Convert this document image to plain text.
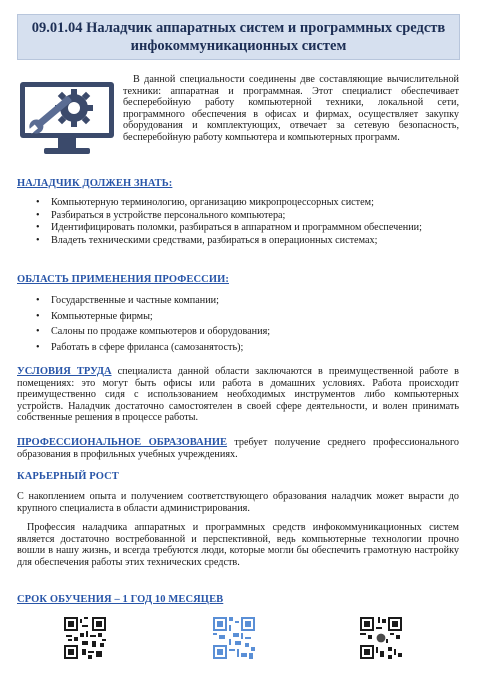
09.01.04 Наладчик аппаратных систем и программных средств инфокоммуникационных систем
В данной специальности соединены две составляющие вычислительной техники: аппаратная и программная. Этот специалист обеспечивает бесперебойную работу компьютерной техники, локальной сети, программного обеспечения в офисах и фирмах, осуществляет закупку оборудования и комплектующих, отвечает за сетевую безопасность, бесперебойную работу компьютера и компьютерных программ.
НАЛАДЧИК ДОЛЖЕН ЗНАТЬ:
• Компьютерную терминологию, организацию микропроцессорных систем;
• Разбираться в устройстве персонального компьютера;
• Идентифицировать поломки, разбираться в аппаратном и программном обеспечении;
• Владеть техническими средствами, разбираться в операционных системах;
ОБЛАСТЬ ПРИМЕНЕНИЯ ПРОФЕССИИ:
• Государственные и частные компании;
• Компьютерные фирмы;
• Салоны по продаже компьютеров и оборудования;
• Работать в сфере фриланса (самозанятость);
УСЛОВИЯ ТРУДА специалиста данной области заключаются в преимущественной работе в помещениях: это могут быть офисы или работа в домашних условиях. Работа происходит преимущественно сидя с использованием необходимых инструментов либо компьютерных устройств. Наладчик достаточно самостоятелен в своей сфере деятельности, и волен принимать собственные решения в процессе работы.
ПРОФЕССИОНАЛЬНОЕ ОБРАЗОВАНИЕ требует получение среднего профессионального образования в профильных учебных учреждениях.
КАРЬЕРНЫЙ РОСТ
С накоплением опыта и получением соответствующего образования наладчик может вырасти до крупного специалиста в области администрирования.
Профессия наладчика аппаратных и программных средств инфокоммуникационных систем является достаточно востребованной и перспективной, ведь компьютерные технологии прочно вошли в нашу жизнь, и всегда требуются люди, которые могли бы обеспечить грамотную настройку для обеспечения работы этих технических средств.
СРОК ОБУЧЕНИЯ – 1 ГОД 10 МЕСЯЦЕВ
